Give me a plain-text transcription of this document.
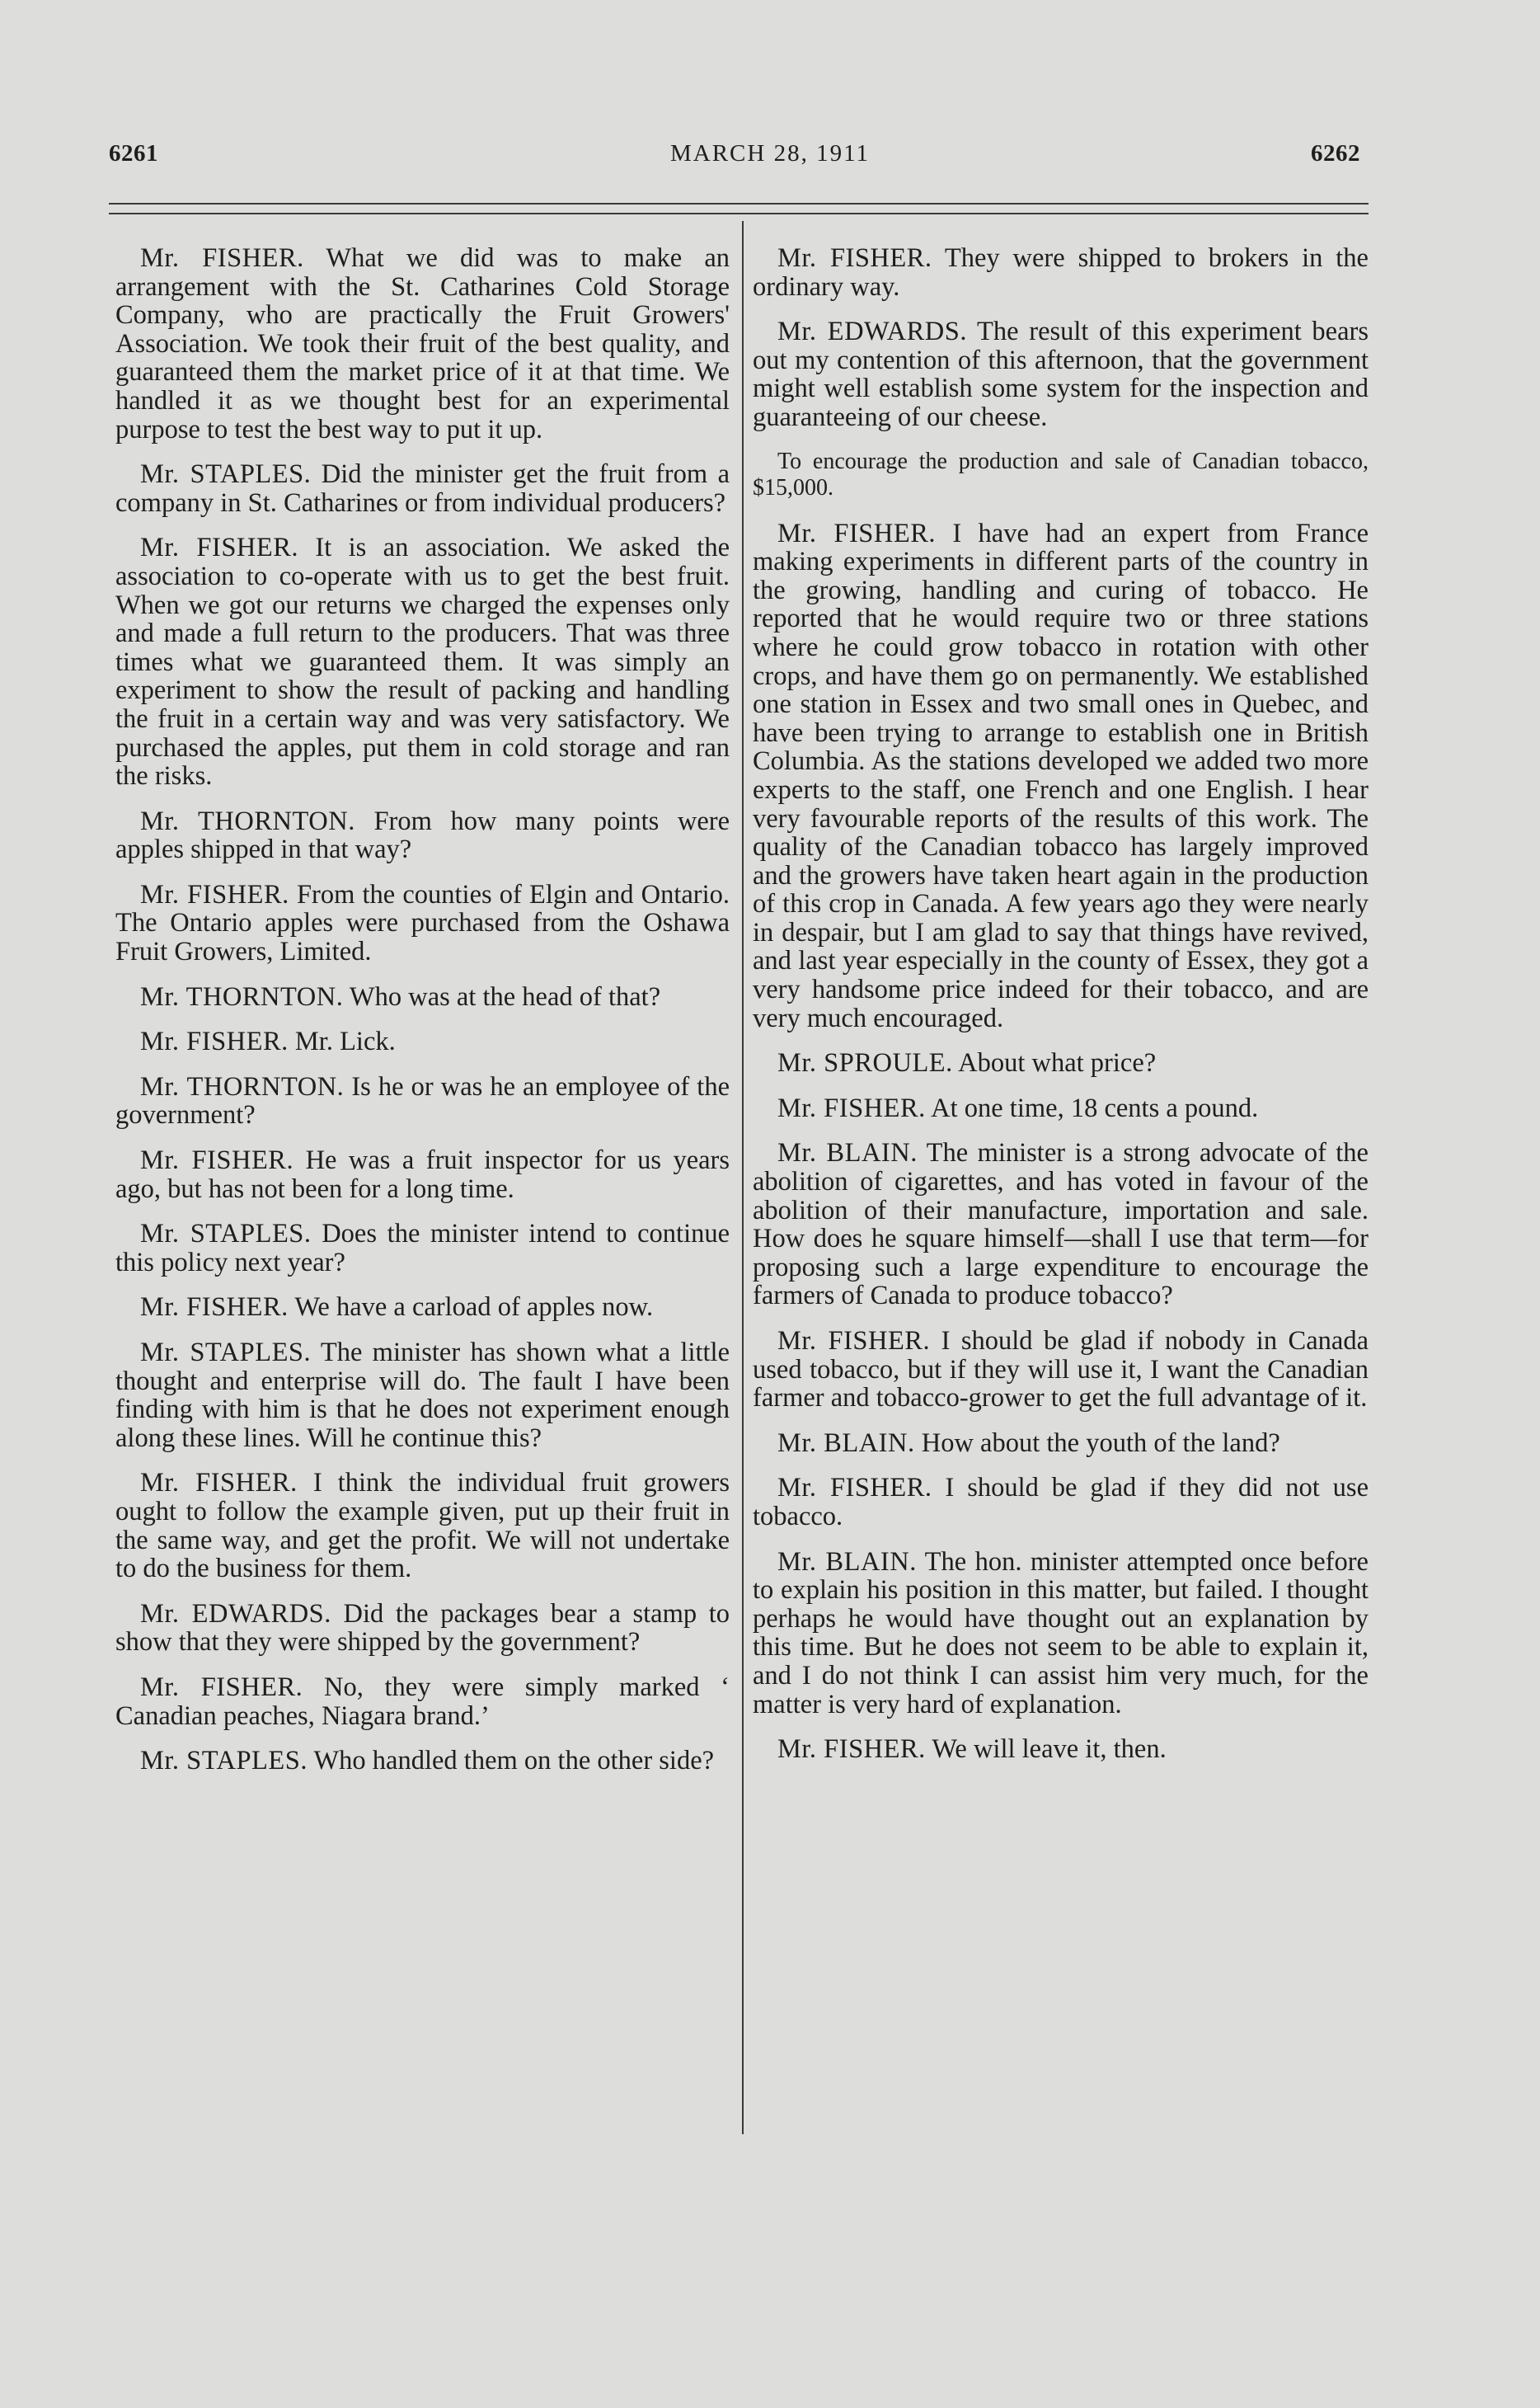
6261	MARCH 28, 1911	6262

Mr. FISHER. What we did was to make an arrangement with the St. Catharines Cold Storage Company, who are practically the Fruit Growers' Association. We took their fruit of the best quality, and guaranteed them the market price of it at that time. We handled it as we thought best for an experimental purpose to test the best way to put it up.

Mr. STAPLES. Did the minister get the fruit from a company in St. Catharines or from individual producers?

Mr. FISHER. It is an association. We asked the association to co-operate with us to get the best fruit. When we got our returns we charged the expenses only and made a full return to the producers. That was three times what we guaranteed them. It was simply an experiment to show the result of packing and handling the fruit in a certain way and was very satisfactory. We purchased the apples, put them in cold storage and ran the risks.

Mr. THORNTON. From how many points were apples shipped in that way?

Mr. FISHER. From the counties of Elgin and Ontario. The Ontario apples were purchased from the Oshawa Fruit Growers, Limited.

Mr. THORNTON. Who was at the head of that?

Mr. FISHER. Mr. Lick.

Mr. THORNTON. Is he or was he an employee of the government?

Mr. FISHER. He was a fruit inspector for us years ago, but has not been for a long time.

Mr. STAPLES. Does the minister intend to continue this policy next year?

Mr. FISHER. We have a carload of apples now.

Mr. STAPLES. The minister has shown what a little thought and enterprise will do. The fault I have been finding with him is that he does not experiment enough along these lines. Will he continue this?

Mr. FISHER. I think the individual fruit growers ought to follow the example given, put up their fruit in the same way, and get the profit. We will not undertake to do the business for them.

Mr. EDWARDS. Did the packages bear a stamp to show that they were shipped by the government?

Mr. FISHER. No, they were simply marked ‘ Canadian peaches, Niagara brand.’

Mr. STAPLES. Who handled them on the other side?

Mr. FISHER. They were shipped to brokers in the ordinary way.

Mr. EDWARDS. The result of this experiment bears out my contention of this afternoon, that the government might well establish some system for the inspection and guaranteeing of our cheese.

To encourage the production and sale of Canadian tobacco, $15,000.

Mr. FISHER. I have had an expert from France making experiments in different parts of the country in the growing, handling and curing of tobacco. He reported that he would require two or three stations where he could grow tobacco in rotation with other crops, and have them go on permanently. We established one station in Essex and two small ones in Quebec, and have been trying to arrange to establish one in British Columbia. As the stations developed we added two more experts to the staff, one French and one English. I hear very favourable reports of the results of this work. The quality of the Canadian tobacco has largely improved and the growers have taken heart again in the production of this crop in Canada. A few years ago they were nearly in despair, but I am glad to say that things have revived, and last year especially in the county of Essex, they got a very handsome price indeed for their tobacco, and are very much encouraged.

Mr. SPROULE. About what price?

Mr. FISHER. At one time, 18 cents a pound.

Mr. BLAIN. The minister is a strong advocate of the abolition of cigarettes, and has voted in favour of the abolition of their manufacture, importation and sale. How does he square himself—shall I use that term—for proposing such a large expenditure to encourage the farmers of Canada to produce tobacco?

Mr. FISHER. I should be glad if nobody in Canada used tobacco, but if they will use it, I want the Canadian farmer and tobacco-grower to get the full advantage of it.

Mr. BLAIN. How about the youth of the land?

Mr. FISHER. I should be glad if they did not use tobacco.

Mr. BLAIN. The hon. minister attempted once before to explain his position in this matter, but failed. I thought perhaps he would have thought out an explanation by this time. But he does not seem to be able to explain it, and I do not think I can assist him very much, for the matter is very hard of explanation.

Mr. FISHER. We will leave it, then.
